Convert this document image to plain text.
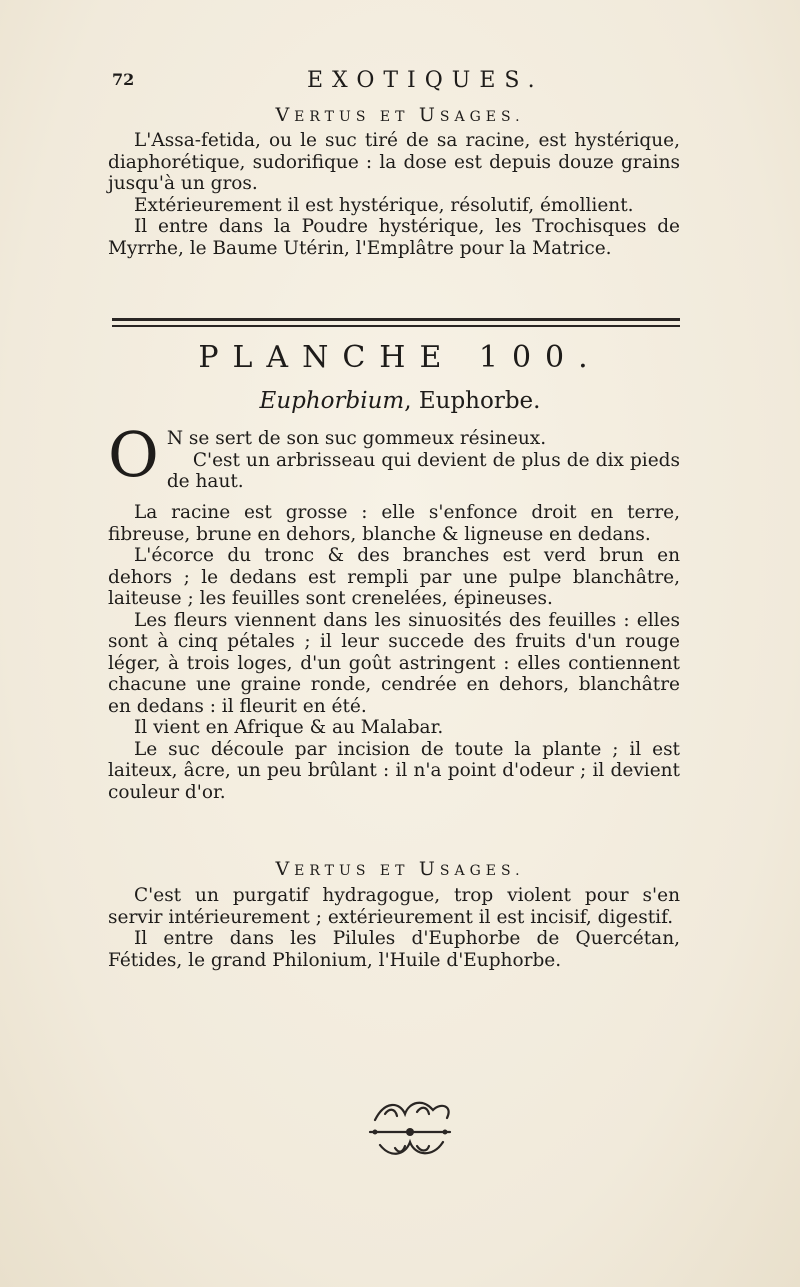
72	EXOTIQUES.
VERTUS ET USAGES.

L'Assa-fetida, ou le suc tiré de sa racine, est hystérique, diaphorétique, sudorifique : la dose est depuis douze grains jusqu'à un gros.

Extérieurement il est hystérique, résolutif, émollient.

Il entre dans la Poudre hystérique, les Trochisques de Myrrhe, le Baume Utérin, l'Emplâtre pour la Matrice.

PLANCHE 100.
Euphorbium, Euphorbe.
O N se sert de son suc gommeux résineux.

C'est un arbrisseau qui devient de plus de dix pieds de haut.

La racine est grosse : elle s'enfonce droit en terre, fibreuse, brune en dehors, blanche & ligneuse en dedans.

L'écorce du tronc & des branches est verd brun en dehors ; le dedans est rempli par une pulpe blanchâtre, laiteuse ; les feuilles sont crenelées, épineuses.

Les fleurs viennent dans les sinuosités des feuilles : elles sont à cinq pétales ; il leur succede des fruits d'un rouge léger, à trois loges, d'un goût astringent : elles contiennent chacune une graine ronde, cendrée en dehors, blanchâtre en dedans : il fleurit en été.

Il vient en Afrique & au Malabar.

Le suc découle par incision de toute la plante ; il est laiteux, âcre, un peu brûlant : il n'a point d'odeur ; il devient couleur d'or.

VERTUS ET USAGES.

C'est un purgatif hydragogue, trop violent pour s'en servir intérieurement ; extérieurement il est incisif, digestif.

Il entre dans les Pilules d'Euphorbe de Quercétan, Fétides, le grand Philonium, l'Huile d'Euphorbe.
